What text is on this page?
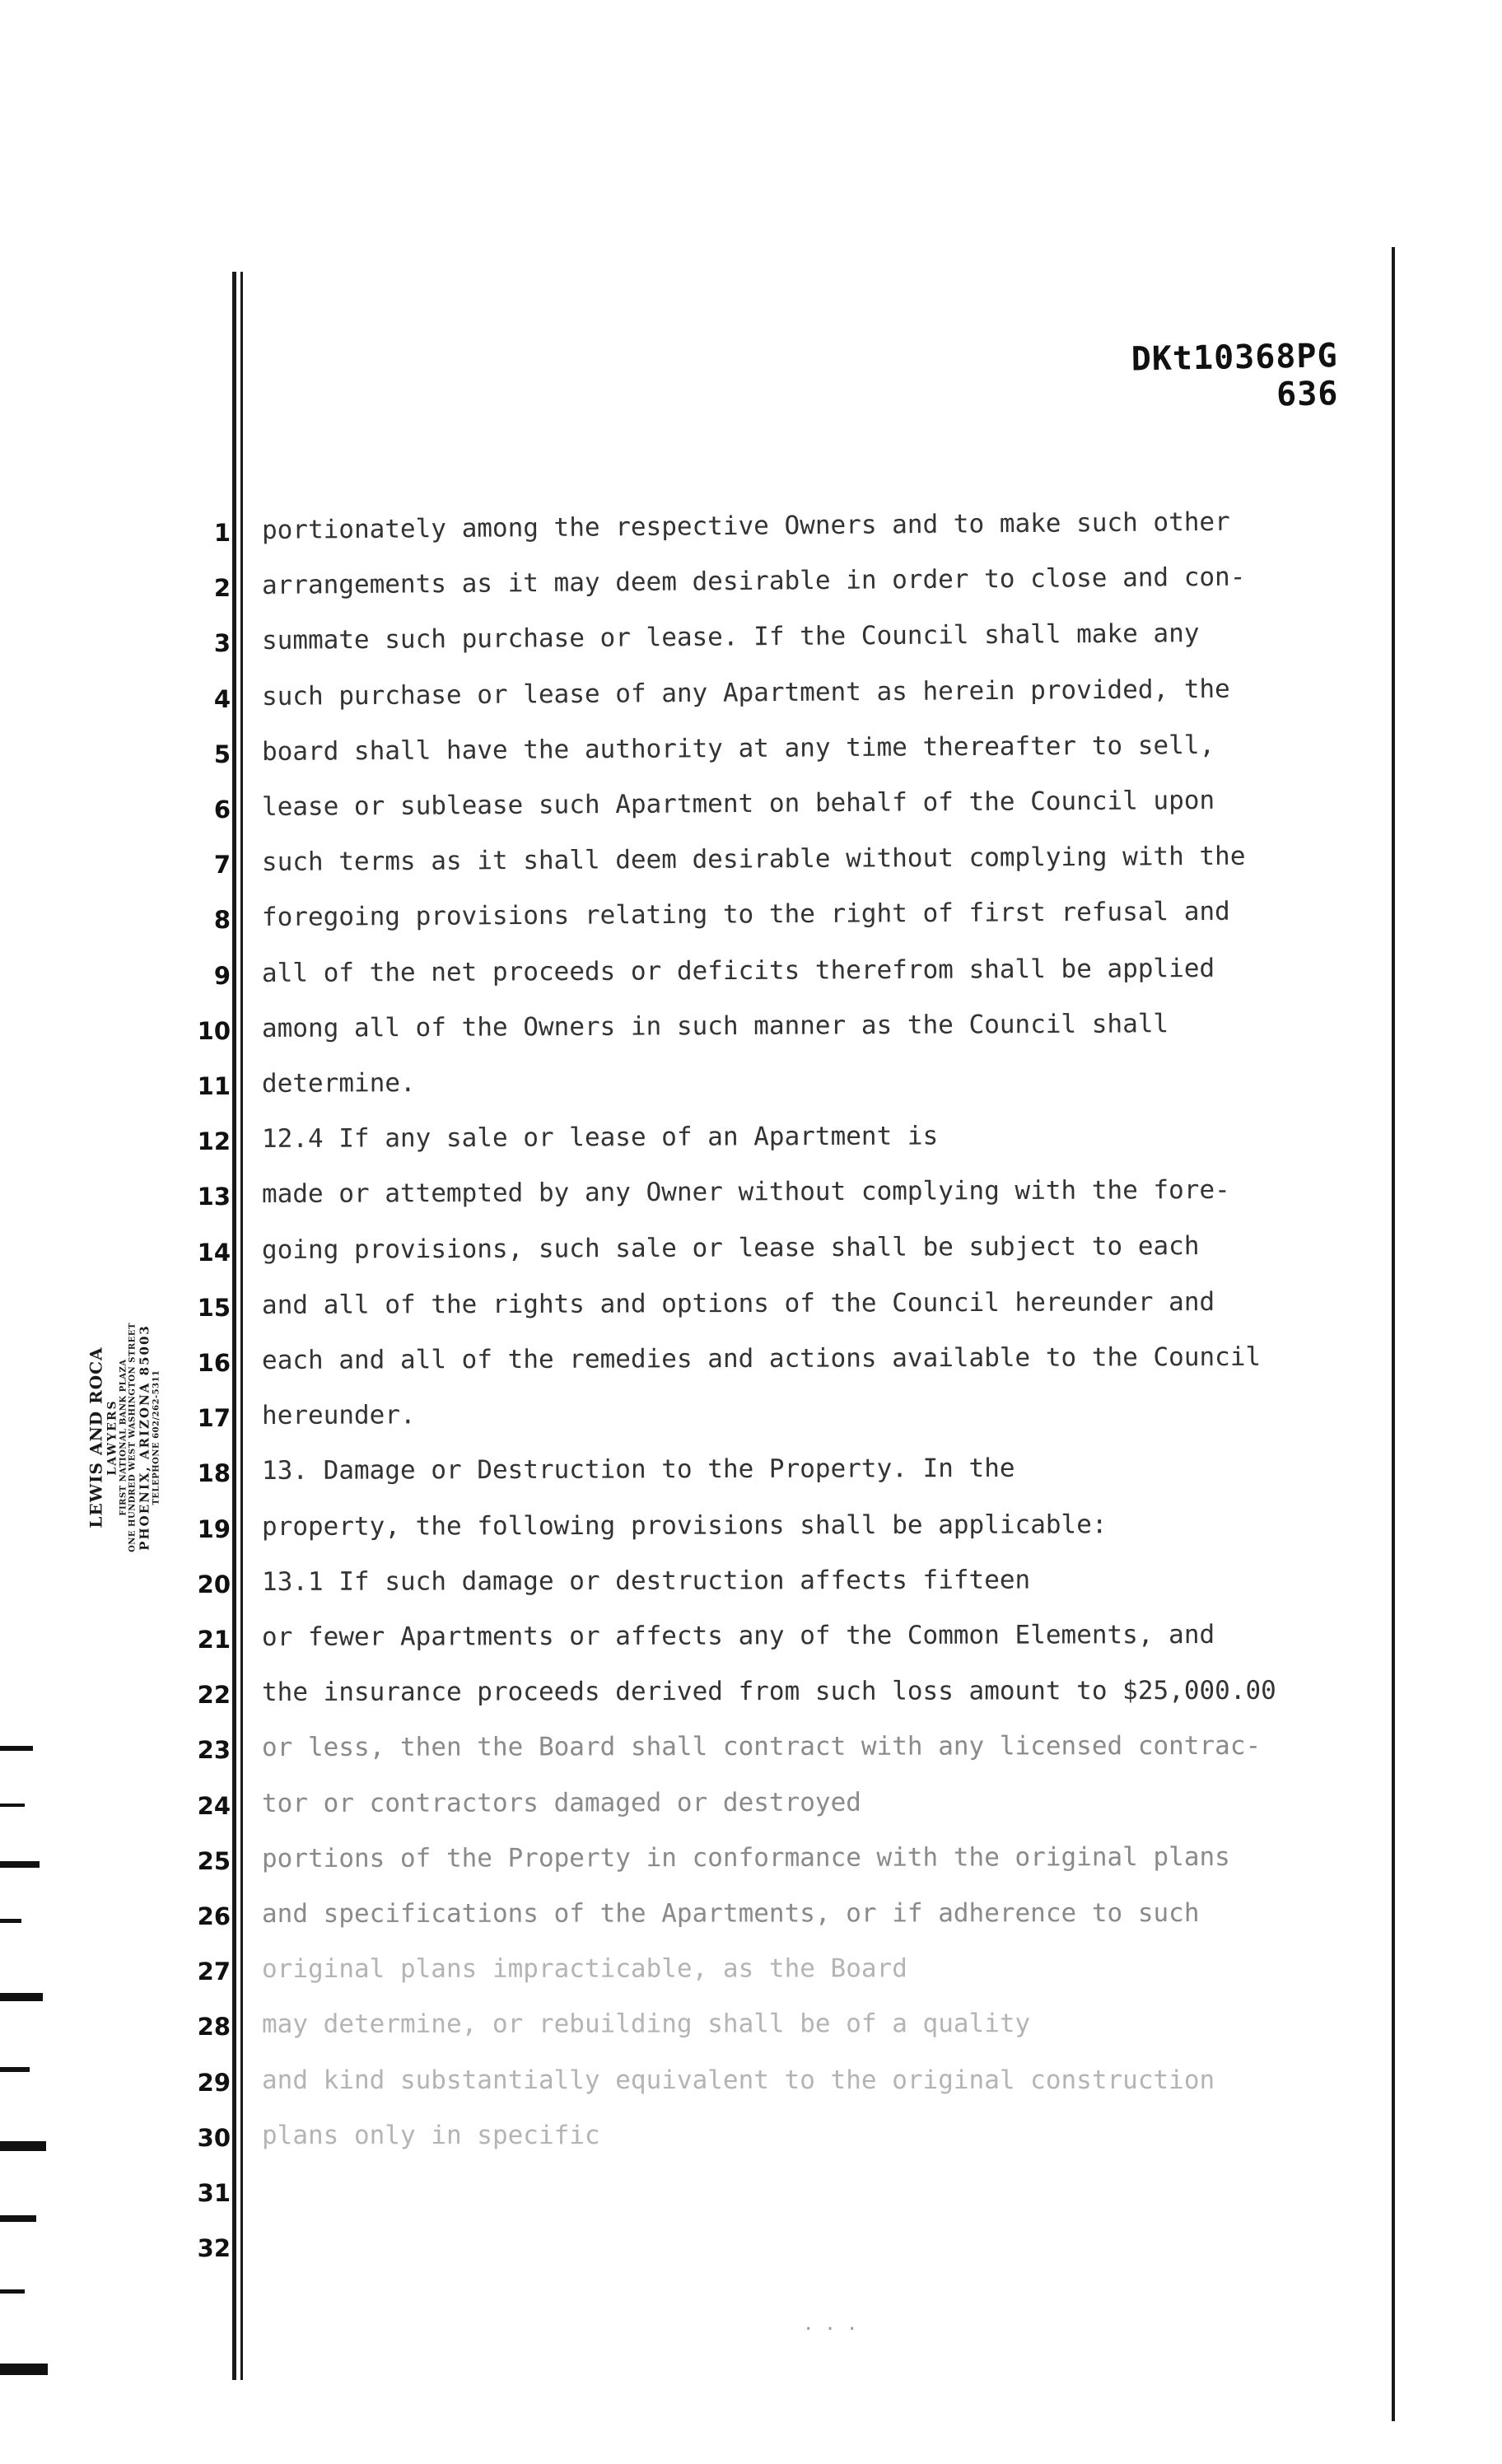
DKt10368PG 636
1 portionately among the respective Owners and to make such other
2 arrangements as it may deem desirable in order to close and con-
3 summate such purchase or lease. If the Council shall make any
4 such purchase or lease of any Apartment as herein provided, the
5 board shall have the authority at any time thereafter to sell,
6 lease or sublease such Apartment on behalf of the Council upon
7 such terms as it shall deem desirable without complying with the
8 foregoing provisions relating to the right of first refusal and
9 all of the net proceeds or deficits therefrom shall be applied
10 among all of the Owners in such manner as the Council shall
11 determine.
12 12.4 If any sale or lease of an Apartment is
13 made or attempted by any Owner without complying with the fore-
14 going provisions, such sale or lease shall be subject to each
15 and all of the rights and options of the Council hereunder and
16 each and all of the remedies and actions available to the Council
17 hereunder.
18 13. Damage or Destruction to the Property. In the
19 property, the following provisions shall be applicable:
20 13.1 If such damage or destruction affects fifteen
21 or fewer Apartments or affects any of the Common Elements, and
22 the insurance proceeds derived from such loss amount to $25,000.00
23 or less, then the Board shall contract with any licensed contrac-
24 tor or contractors damaged or destroyed
25 portions of the Property in conformance with the original plans
26 and specifications of the Apartments, or if adherence to such
27 original plans impracticable, as the Board
28 may determine, or rebuilding shall be of a quality
29 and kind substantially equivalent to the original construction
30 plans only in specific
31
32
LEWIS AND ROCA LAWYERS FIRST NATIONAL BANK PLAZA ONE HUNDRED WEST WASHINGTON STREET PHOENIX, ARIZONA 85003 TELEPHONE 602/262-5311
. . .
